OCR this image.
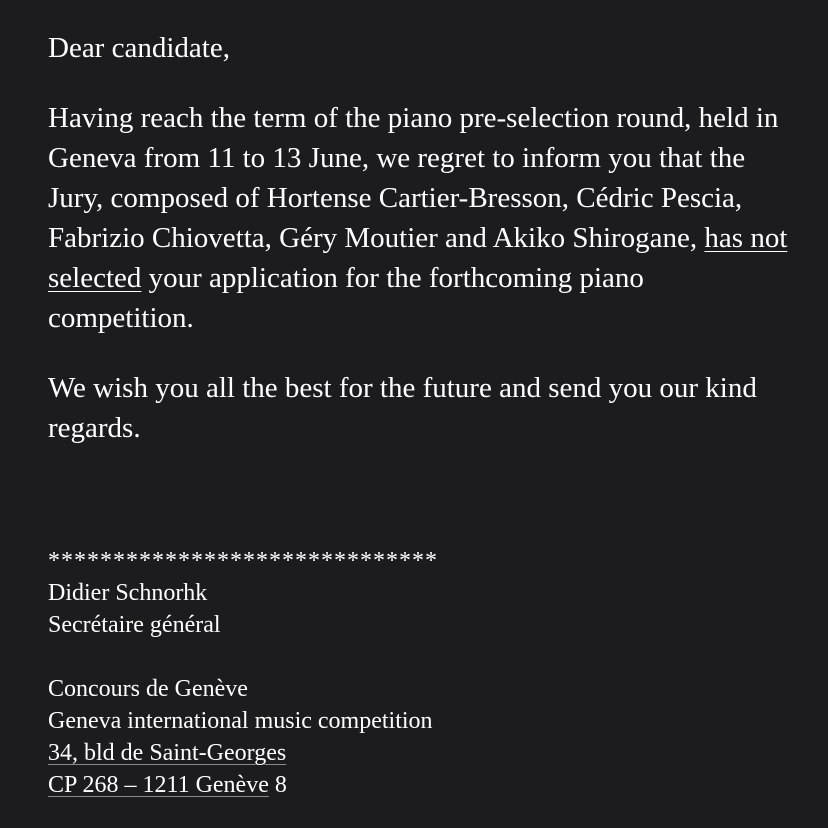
Dear candidate,

Having reach the term of the piano pre-selection round, held in Geneva from 11 to 13 June, we regret to inform you that the Jury, composed of Hortense Cartier-Bresson, Cédric Pescia, Fabrizio Chiovetta, Géry Moutier and Akiko Shirogane, has not selected your application for the forthcoming piano competition.

We wish you all the best for the future and send you our kind regards.

******************************
Didier Schnorhk
Secrétaire général
Concours de Genève
Geneva international music competition
34, bld de Saint-Georges
CP 268 – 1211 Genève 8
